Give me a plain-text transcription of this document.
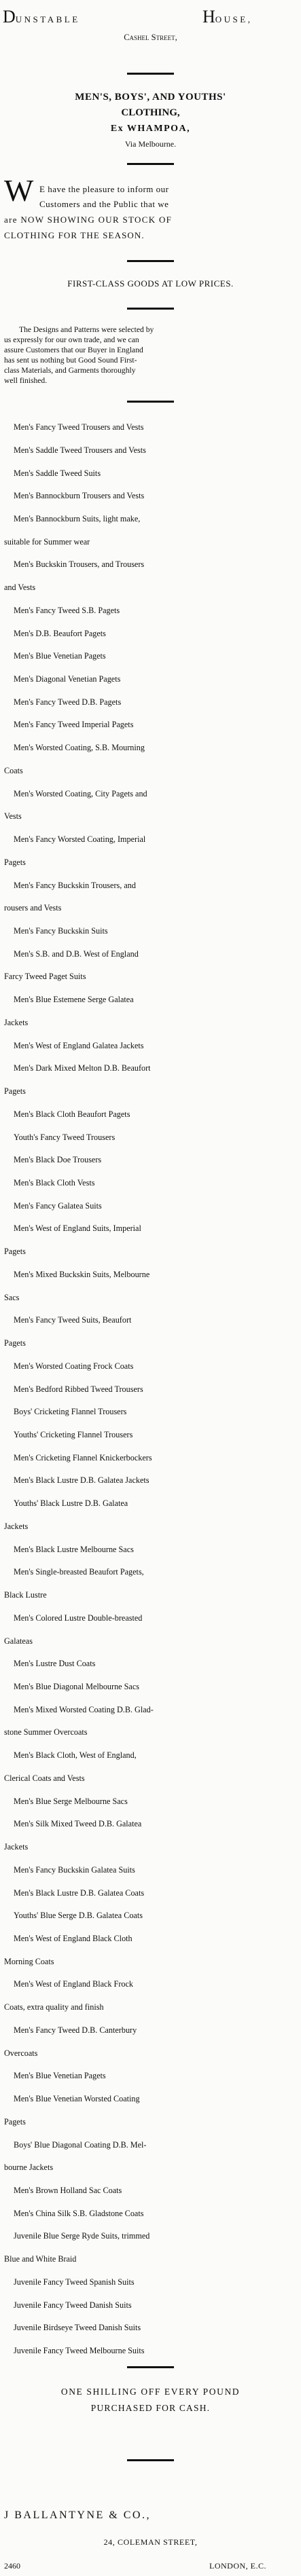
DUNSTABLE	HOUSE,
Cashel Street,
MEN'S, BOYS', AND YOUTHS'
CLOTHING,
Ex WHAMPOA,
Via Melbourne.
W E have the pleasure to inform our
Customers and the Public that we
are NOW SHOWING OUR STOCK OF
CLOTHING FOR THE SEASON.
FIRST-CLASS GOODS AT LOW PRICES.
The Designs and Patterns were selected by
us expressly for our own trade, and we can
assure Customers that our Buyer in England
has sent us nothing but Good Sound First-
class Materials, and Garments thoroughly
well finished.
Men's Fancy Tweed Trousers and Vests
Men's Saddle Tweed Trousers and Vests
Men's Saddle Tweed Suits
Men's Bannockburn Trousers and Vests
Men's Bannockburn Suits, light make,
suitable for Summer wear
Men's Buckskin Trousers, and Trousers
and Vests
Men's Fancy Tweed S.B. Pagets
Men's D.B. Beaufort Pagets
Men's Blue Venetian Pagets
Men's Diagonal Venetian Pagets
Men's Fancy Tweed D.B. Pagets
Men's Fancy Tweed Imperial Pagets
Men's Worsted Coating, S.B. Mourning
Coats
Men's Worsted Coating, City Pagets and
Vests
Men's Fancy Worsted Coating, Imperial
Pagets
Men's Fancy Buckskin Trousers, and
rousers and Vests
Men's Fancy Buckskin Suits
Men's S.B. and D.B. West of England
Farcy Tweed Paget Suits
Men's Blue Estemene Serge Galatea
Jackets
Men's West of England Galatea Jackets
Men's Dark Mixed Melton D.B. Beaufort
Pagets
Men's Black Cloth Beaufort Pagets
Youth's Fancy Tweed Trousers
Men's Black Doe Trousers
Men's Black Cloth Vests
Men's Fancy Galatea Suits
Men's West of England Suits, Imperial
Pagets
Men's Mixed Buckskin Suits, Melbourne
Sacs
Men's Fancy Tweed Suits, Beaufort
Pagets
Men's Worsted Coating Frock Coats
Men's Bedford Ribbed Tweed Trousers
Boys' Cricketing Flannel Trousers
Youths' Cricketing Flannel Trousers
Men's Cricketing Flannel Knickerbockers
Men's Black Lustre D.B. Galatea Jackets
Youths' Black Lustre D.B. Galatea
Jackets
Men's Black Lustre Melbourne Sacs
Men's Single-breasted Beaufort Pagets,
Black Lustre
Men's Colored Lustre Double-breasted
Galateas
Men's Lustre Dust Coats
Men's Blue Diagonal Melbourne Sacs
Men's Mixed Worsted Coating D.B. Glad-
stone Summer Overcoats
Men's Black Cloth, West of England,
Clerical Coats and Vests
Men's Blue Serge Melbourne Sacs
Men's Silk Mixed Tweed D.B. Galatea
Jackets
Men's Fancy Buckskin Galatea Suits
Men's Black Lustre D.B. Galatea Coats
Youths' Blue Serge D.B. Galatea Coats
Men's West of England Black Cloth
Morning Coats
Men's West of England Black Frock
Coats, extra quality and finish
Men's Fancy Tweed D.B. Canterbury
Overcoats
Men's Blue Venetian Pagets
Men's Blue Venetian Worsted Coating
Pagets
Boys' Blue Diagonal Coating D.B. Mel-
bourne Jackets
Men's Brown Holland Sac Coats
Men's China Silk S.B. Gladstone Coats
Juvenile Blue Serge Ryde Suits, trimmed
Blue and White Braid
Juvenile Fancy Tweed Spanish Suits
Juvenile Fancy Tweed Danish Suits
Juvenile Birdseye Tweed Danish Suits
Juvenile Fancy Tweed Melbourne Suits
ONE SHILLING OFF EVERY POUND
PURCHASED FOR CASH.
J BALLANTYNE & CO.,
24, COLEMAN STREET,
2460	LONDON, E.C.
